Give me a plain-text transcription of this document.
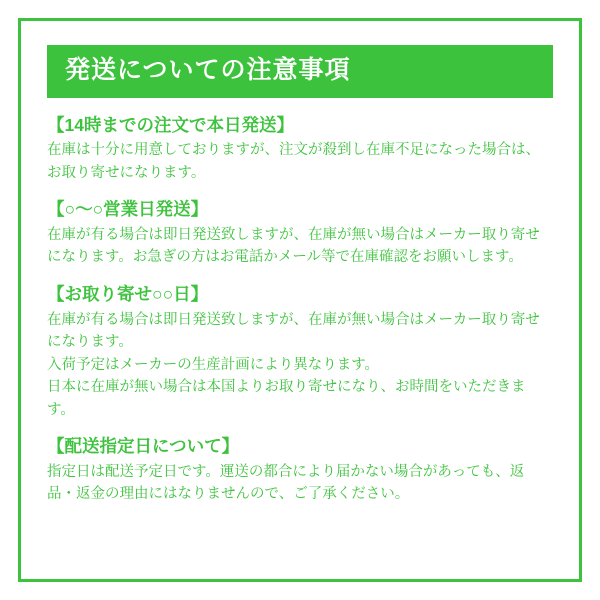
発送についての注意事項
【14時までの注文で本日発送】

在庫は十分に用意しておりますが、注文が殺到し在庫不足になった場合は、お取り寄せになります。

【○〜○営業日発送】

在庫が有る場合は即日発送致しますが、在庫が無い場合はメーカー取り寄せになります。お急ぎの方はお電話かメール等で在庫確認をお願いします。

【お取り寄せ○○日】

在庫が有る場合は即日発送致しますが、在庫が無い場合はメーカー取り寄せになります。

入荷予定はメーカーの生産計画により異なります。

日本に在庫が無い場合は本国よりお取り寄せになり、お時間をいただきます。

【配送指定日について】

指定日は配送予定日です。運送の都合により届かない場合があっても、返品・返金の理由にはなりませんので、ご了承ください。
